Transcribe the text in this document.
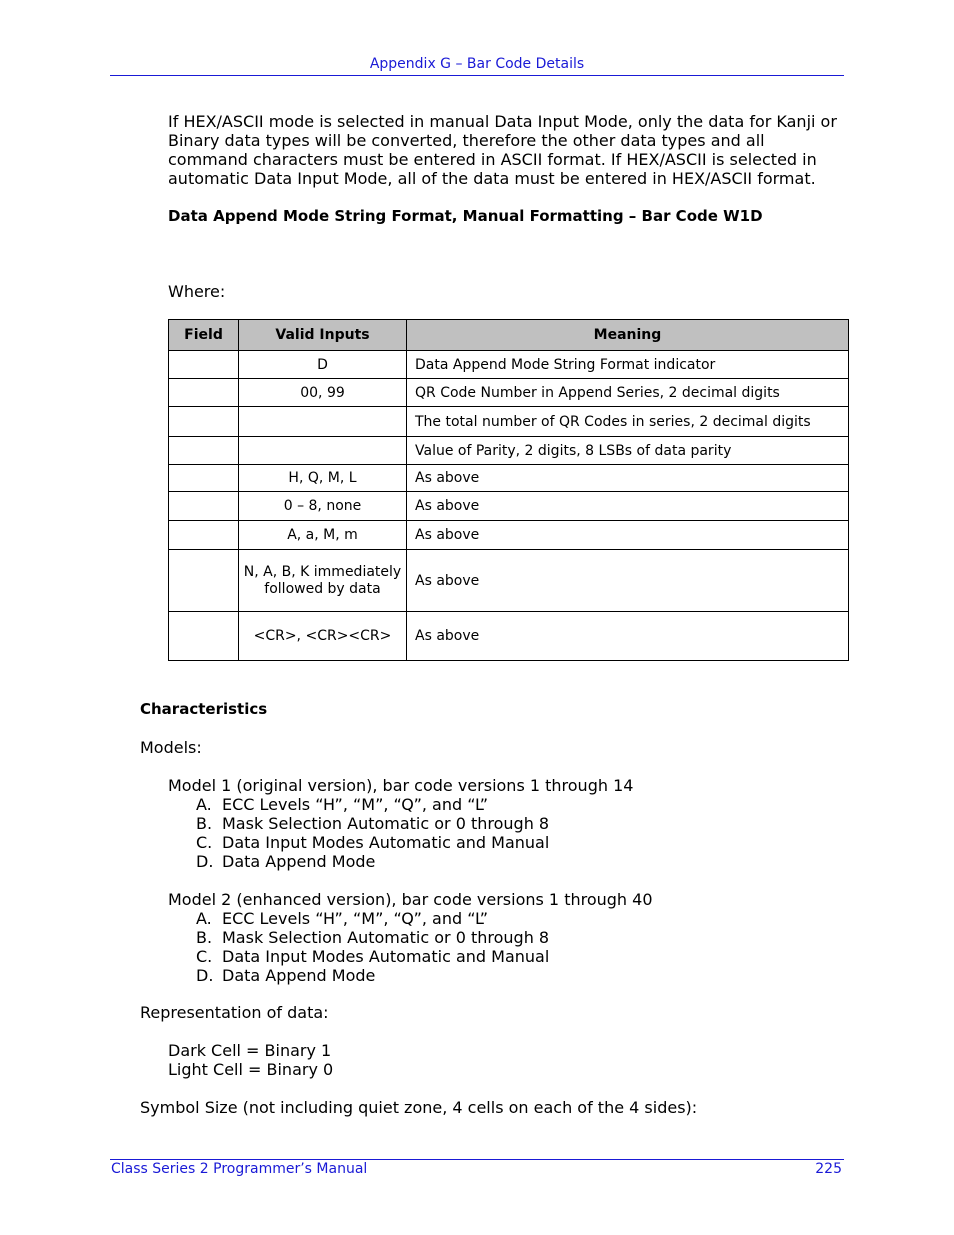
Appendix G – Bar Code Details
If HEX/ASCII mode is selected in manual Data Input Mode, only the data for Kanji or Binary data types will be converted, therefore the other data types and all command characters must be entered in ASCII format. If HEX/ASCII is selected in automatic Data Input Mode, all of the data must be entered in HEX/ASCII format.
Data Append Mode String Format, Manual Formatting – Bar Code W1D
Where:
Field	Valid Inputs	Meaning
	D	Data Append Mode String Format indicator
	00, 99	QR Code Number in Append Series, 2 decimal digits
		The total number of QR Codes in series, 2 decimal digits
		Value of Parity, 2 digits, 8 LSBs of data parity
	H, Q, M, L	As above
	0 – 8, none	As above
	A, a, M, m	As above
	N, A, B, K immediately followed by data	As above
	<CR>, <CR><CR>	As above
Characteristics
Models:
Model 1 (original version), bar code versions 1 through 14
A. ECC Levels “H”, “M”, “Q”, and “L”
B. Mask Selection Automatic or 0 through 8
C. Data Input Modes Automatic and Manual
D. Data Append Mode
Model 2 (enhanced version), bar code versions 1 through 40
A. ECC Levels “H”, “M”, “Q”, and “L”
B. Mask Selection Automatic or 0 through 8
C. Data Input Modes Automatic and Manual
D. Data Append Mode
Representation of data:
Dark Cell = Binary 1
Light Cell = Binary 0
Symbol Size (not including quiet zone, 4 cells on each of the 4 sides):
Class Series 2 Programmer’s Manual	225
